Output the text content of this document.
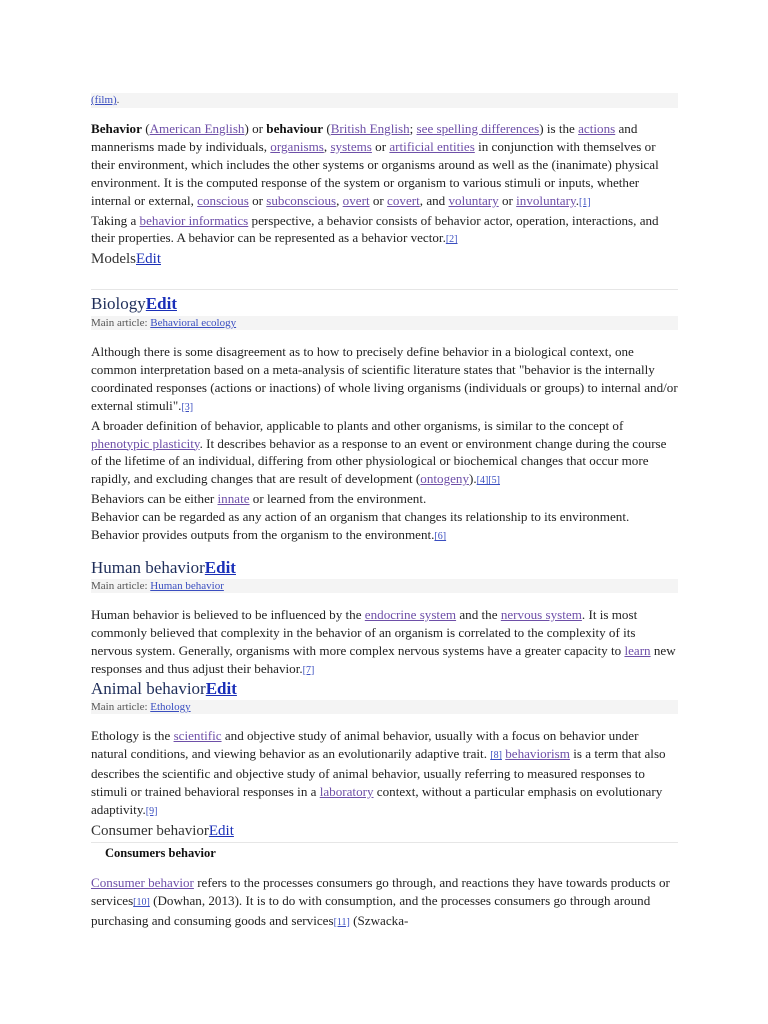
(film).

Behavior (American English) or behaviour (British English; see spelling differences) is the actions and mannerisms made by individuals, organisms, systems or artificial entities in conjunction with themselves or their environment, which includes the other systems or organisms around as well as the (inanimate) physical environment. It is the computed response of the system or organism to various stimuli or inputs, whether internal or external, conscious or subconscious, overt or covert, and voluntary or involuntary.[1]

Taking a behavior informatics perspective, a behavior consists of behavior actor, operation, interactions, and their properties. A behavior can be represented as a behavior vector.[2]

ModelsEdit
BiologyEdit
Main article: Behavioral ecology

Although there is some disagreement as to how to precisely define behavior in a biological context, one common interpretation based on a meta-analysis of scientific literature states that "behavior is the internally coordinated responses (actions or inactions) of whole living organisms (individuals or groups) to internal and/or external stimuli".[3]

A broader definition of behavior, applicable to plants and other organisms, is similar to the concept of phenotypic plasticity. It describes behavior as a response to an event or environment change during the course of the lifetime of an individual, differing from other physiological or biochemical changes that occur more rapidly, and excluding changes that are result of development (ontogeny).[4][5]

Behaviors can be either innate or learned from the environment.

Behavior can be regarded as any action of an organism that changes its relationship to its environment. Behavior provides outputs from the organism to the environment.[6]

Human behaviorEdit
Main article: Human behavior

Human behavior is believed to be influenced by the endocrine system and the nervous system. It is most commonly believed that complexity in the behavior of an organism is correlated to the complexity of its nervous system. Generally, organisms with more complex nervous systems have a greater capacity to learn new responses and thus adjust their behavior.[7]

Animal behaviorEdit
Main article: Ethology

Ethology is the scientific and objective study of animal behavior, usually with a focus on behavior under natural conditions, and viewing behavior as an evolutionarily adaptive trait. [8] behaviorism is a term that also describes the scientific and objective study of animal behavior, usually referring to measured responses to stimuli or trained behavioral responses in a laboratory context, without a particular emphasis on evolutionary adaptivity.[9]

Consumer behaviorEdit
Consumers behavior

Consumer behavior refers to the processes consumers go through, and reactions they have towards products or services[10] (Dowhan, 2013). It is to do with consumption, and the processes consumers go through around purchasing and consuming goods and services[11] (Szwacka-
